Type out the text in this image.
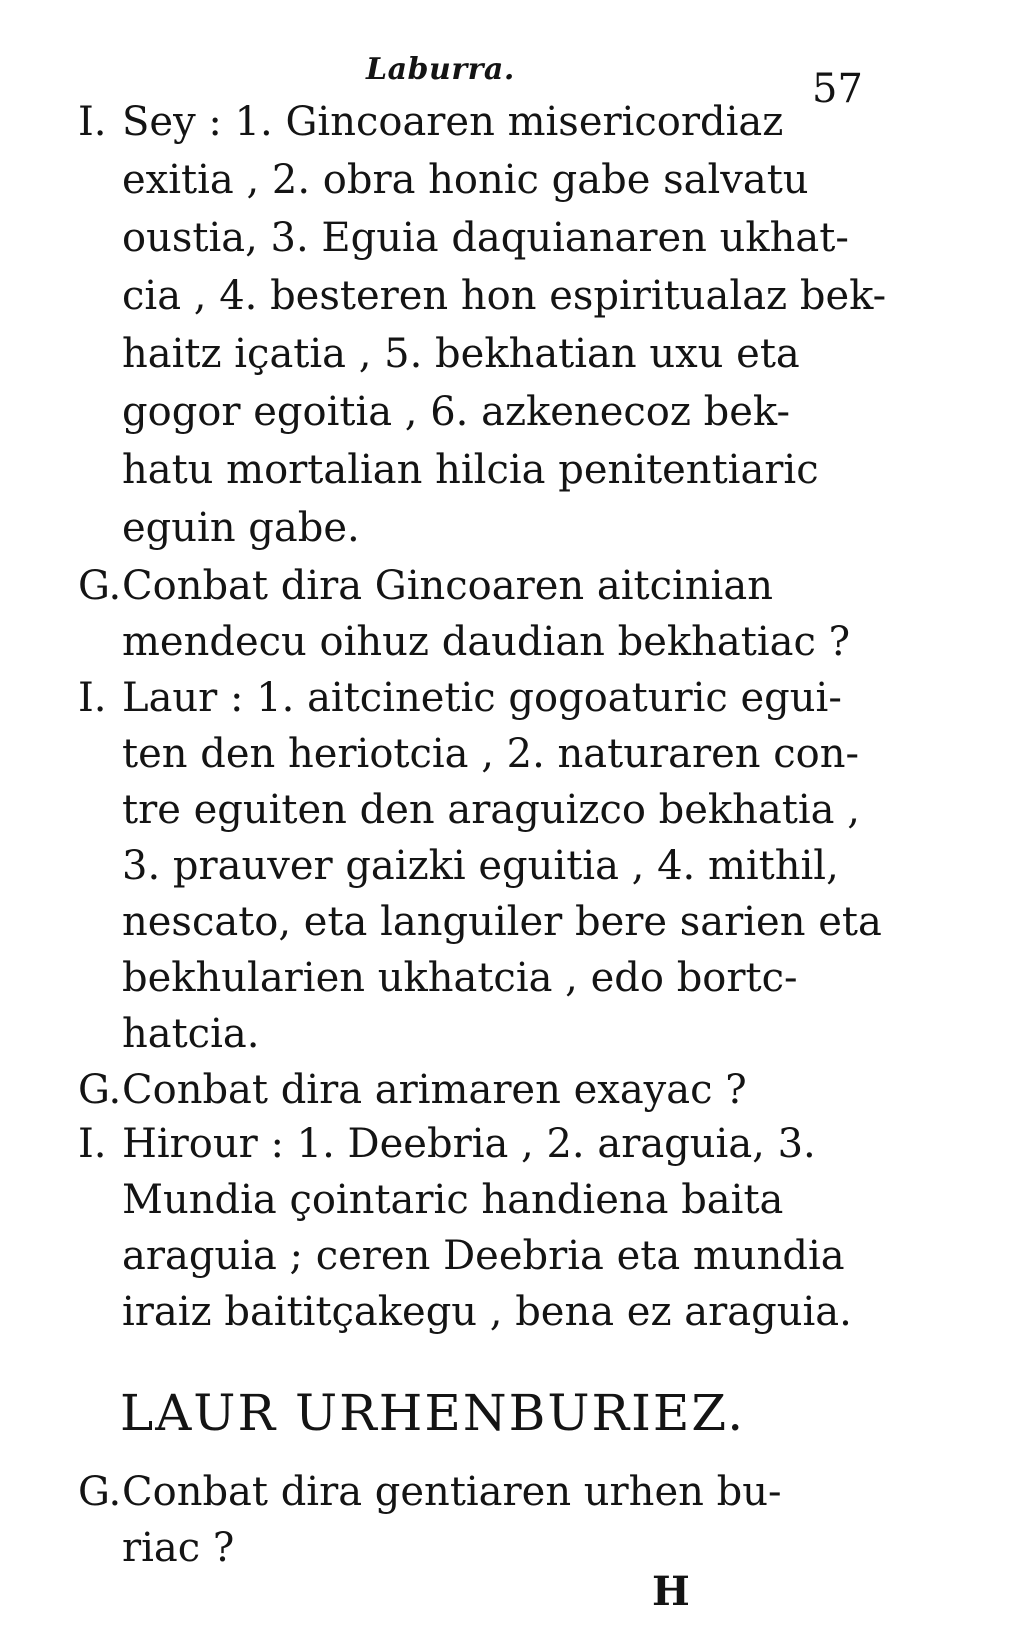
Laburra.	57
I. Sey : 1. Gincoaren misericordiaz
exitia , 2. obra honic gabe salvatu
oustia, 3. Eguia daquianaren ukhat-
cia , 4. besteren hon espiritualaz bek-
haitz içatia , 5. bekhatian uxu eta
gogor egoitia , 6. azkenecoz bek-
hatu mortalian hilcia penitentiaric
eguin gabe.
G. Conbat dira Gincoaren aitcinian
mendecu oihuz daudian bekhatiac ?
I. Laur : 1. aitcinetic gogoaturic egui-
ten den heriotcia , 2. naturaren con-
tre eguiten den araguizco bekhatia ,
3. prauver gaizki eguitia , 4. mithil,
nescato, eta languiler bere sarien eta
bekhularien ukhatcia , edo bortc-
hatcia.
G. Conbat dira arimaren exayac ?
I. Hirour : 1. Deebria , 2. araguia, 3.
Mundia çointaric handiena baita
araguia ; ceren Deebria eta mundia
iraiz baititçakegu , bena ez araguia.
LAUR URHENBURIEZ.
G. Conbat dira gentiaren urhen bu-
riac ?
H
